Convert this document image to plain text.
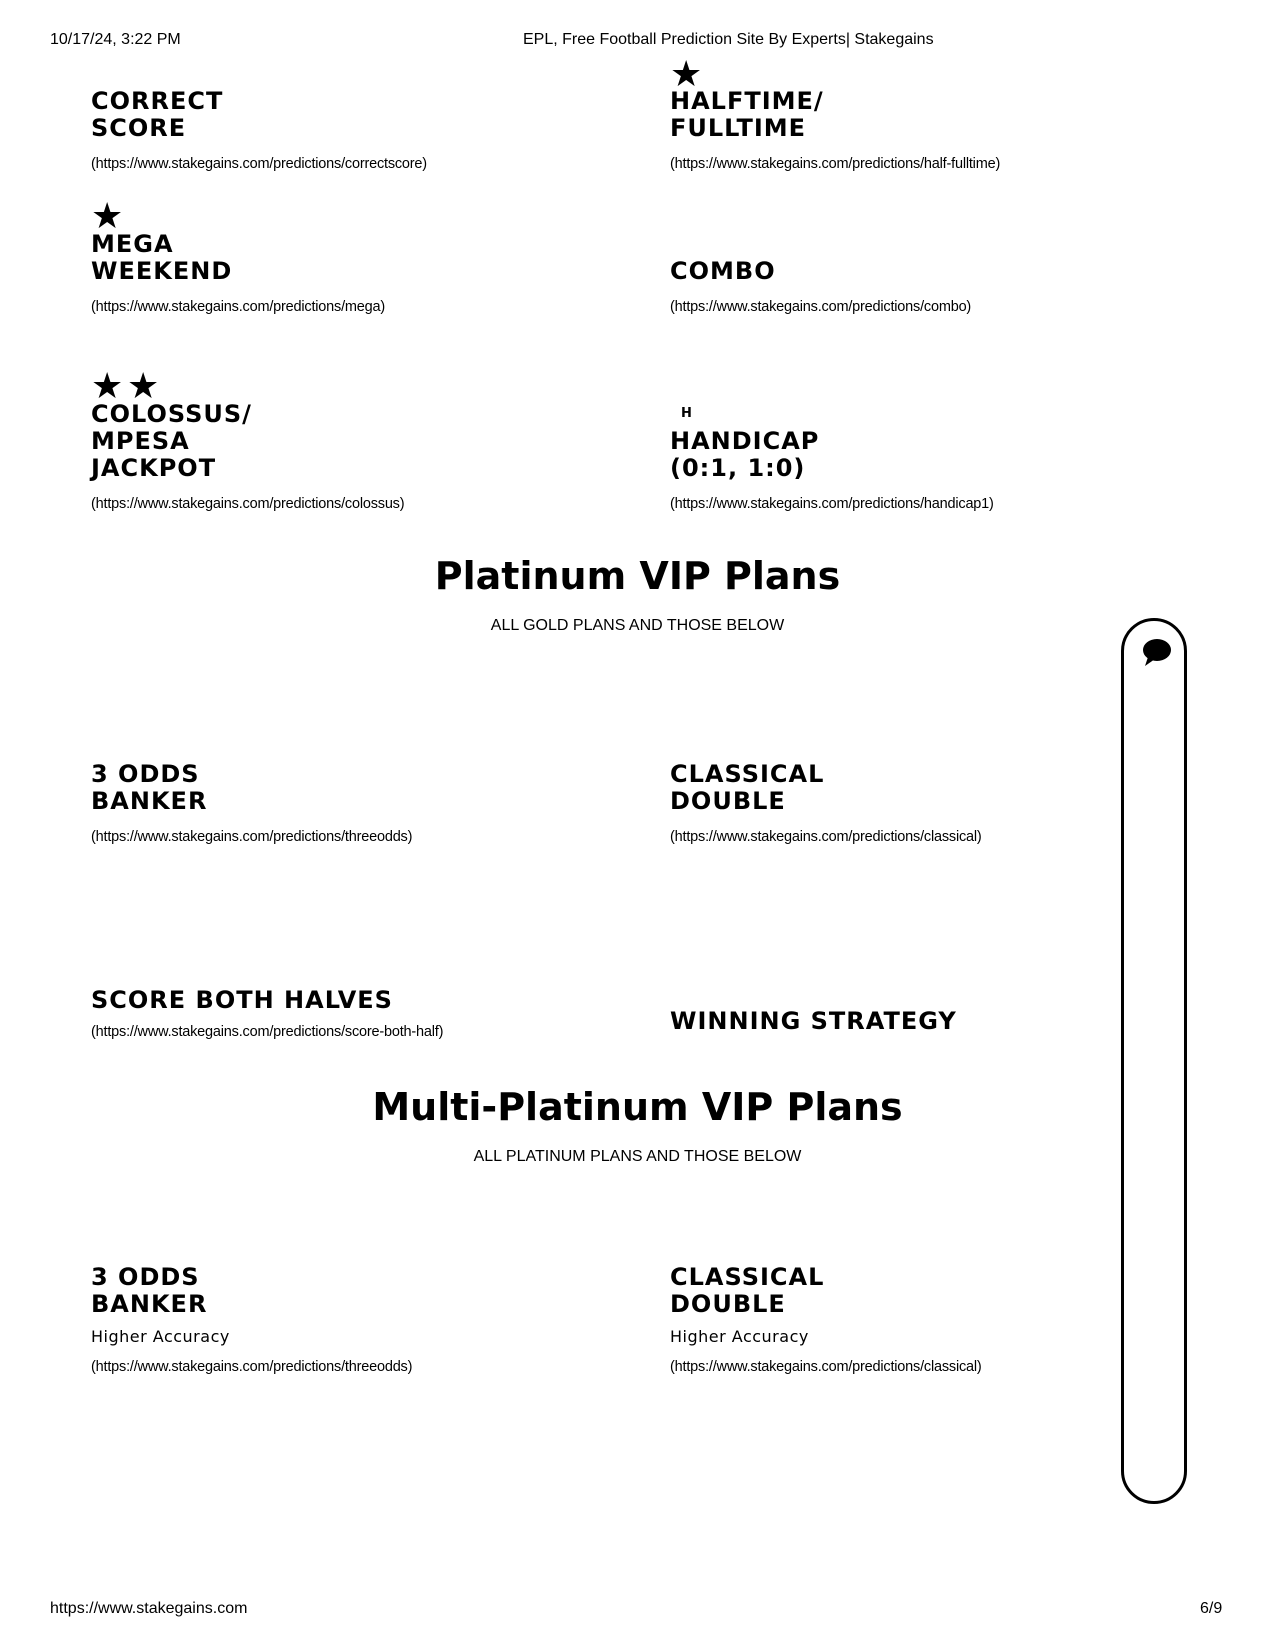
10/17/24, 3:22 PM	EPL, Free Football Prediction Site By Experts| Stakegains
CORRECT
SCORE
(https://www.stakegains.com/predictions/correctscore)
★
HALFTIME/
FULLTIME
(https://www.stakegains.com/predictions/half-fulltime)
★
MEGA
WEEKEND
(https://www.stakegains.com/predictions/mega)
COMBO
(https://www.stakegains.com/predictions/combo)
★ ★
COLOSSUS/
MPESA
JACKPOT
(https://www.stakegains.com/predictions/colossus)
H
HANDICAP
(0:1, 1:0)
(https://www.stakegains.com/predictions/handicap1)
Platinum VIP Plans
ALL GOLD PLANS AND THOSE BELOW
3 ODDS
BANKER
(https://www.stakegains.com/predictions/threeodds)
CLASSICAL
DOUBLE
(https://www.stakegains.com/predictions/classical)
SCORE BOTH HALVES
(https://www.stakegains.com/predictions/score-both-half)	WINNING STRATEGY
Multi-Platinum VIP Plans
ALL PLATINUM PLANS AND THOSE BELOW
3 ODDS
BANKER
Higher Accuracy
(https://www.stakegains.com/predictions/threeodds)
CLASSICAL
DOUBLE
Higher Accuracy
(https://www.stakegains.com/predictions/classical)
https://www.stakegains.com	6/9
